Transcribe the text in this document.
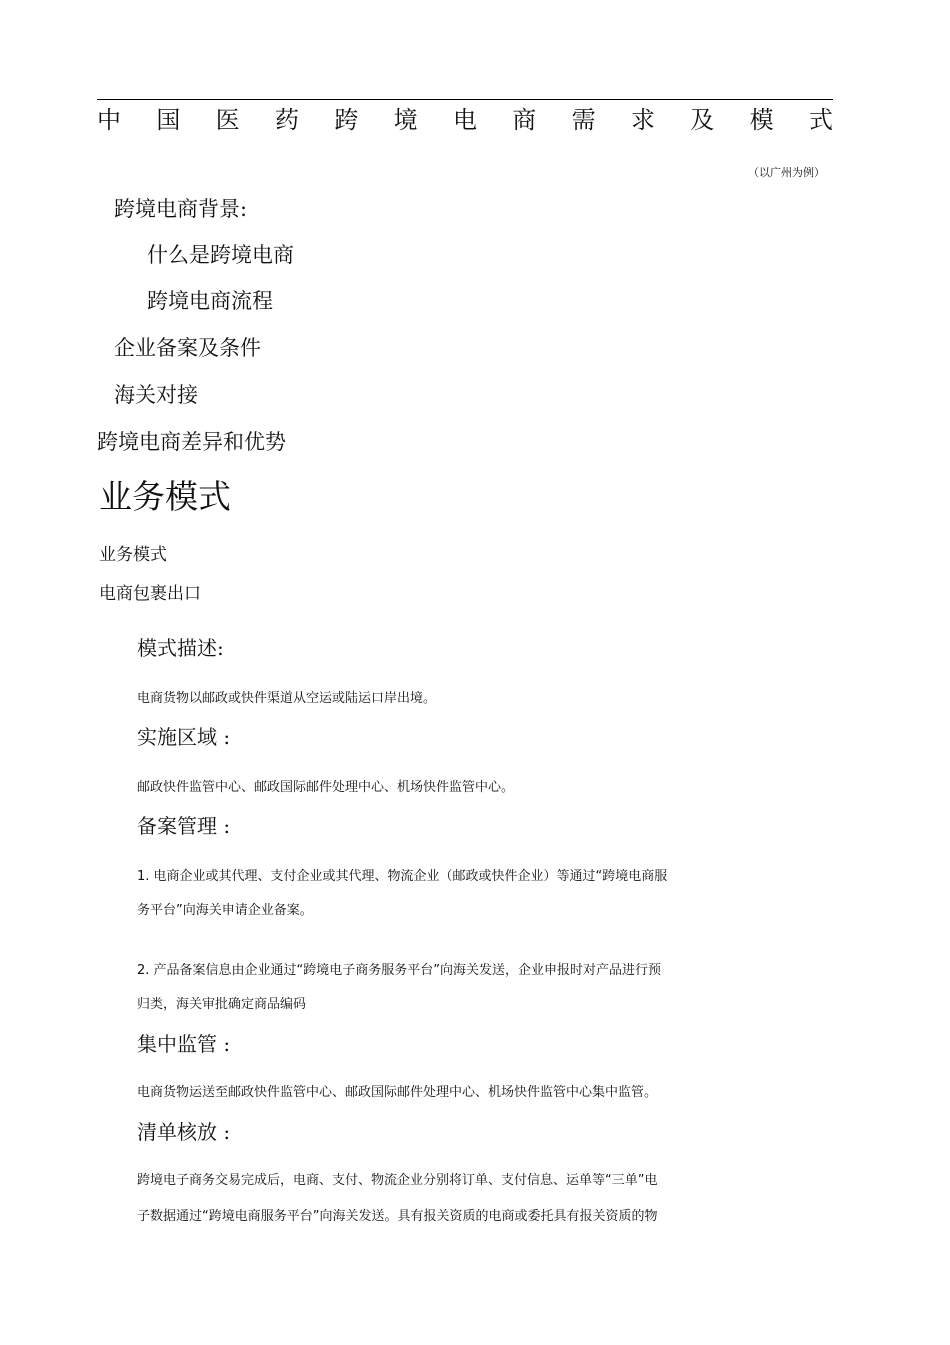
中 国 医 药 跨 境 电 商 需 求 及 模 式
（以广州为例）
跨境电商背景:
什么是跨境电商
跨境电商流程
企业备案及条件
海关对接
跨境电商差异和优势
业务模式
业务模式
电商包裹出口
模式描述:
电商货物以邮政或快件渠道从空运或陆运口岸出境。
实施区域 :
邮政快件监管中心、邮政国际邮件处理中心、机场快件监管中心。
备案管理 :
1. 电商企业或其代理、支付企业或其代理、物流企业（邮政或快件企业）等通过“跨境电商服
务平台”向海关申请企业备案。
2. 产品备案信息由企业通过“跨境电子商务服务平台”向海关发送，企业申报时对产品进行预
归类，海关审批确定商品编码
集中监管 :
电商货物运送至邮政快件监管中心、邮政国际邮件处理中心、机场快件监管中心集中监管。
清单核放 :
跨境电子商务交易完成后，电商、支付、物流企业分别将订单、支付信息、运单等“三单”电
子数据通过“跨境电商服务平台”向海关发送。具有报关资质的电商或委托具有报关资质的物
